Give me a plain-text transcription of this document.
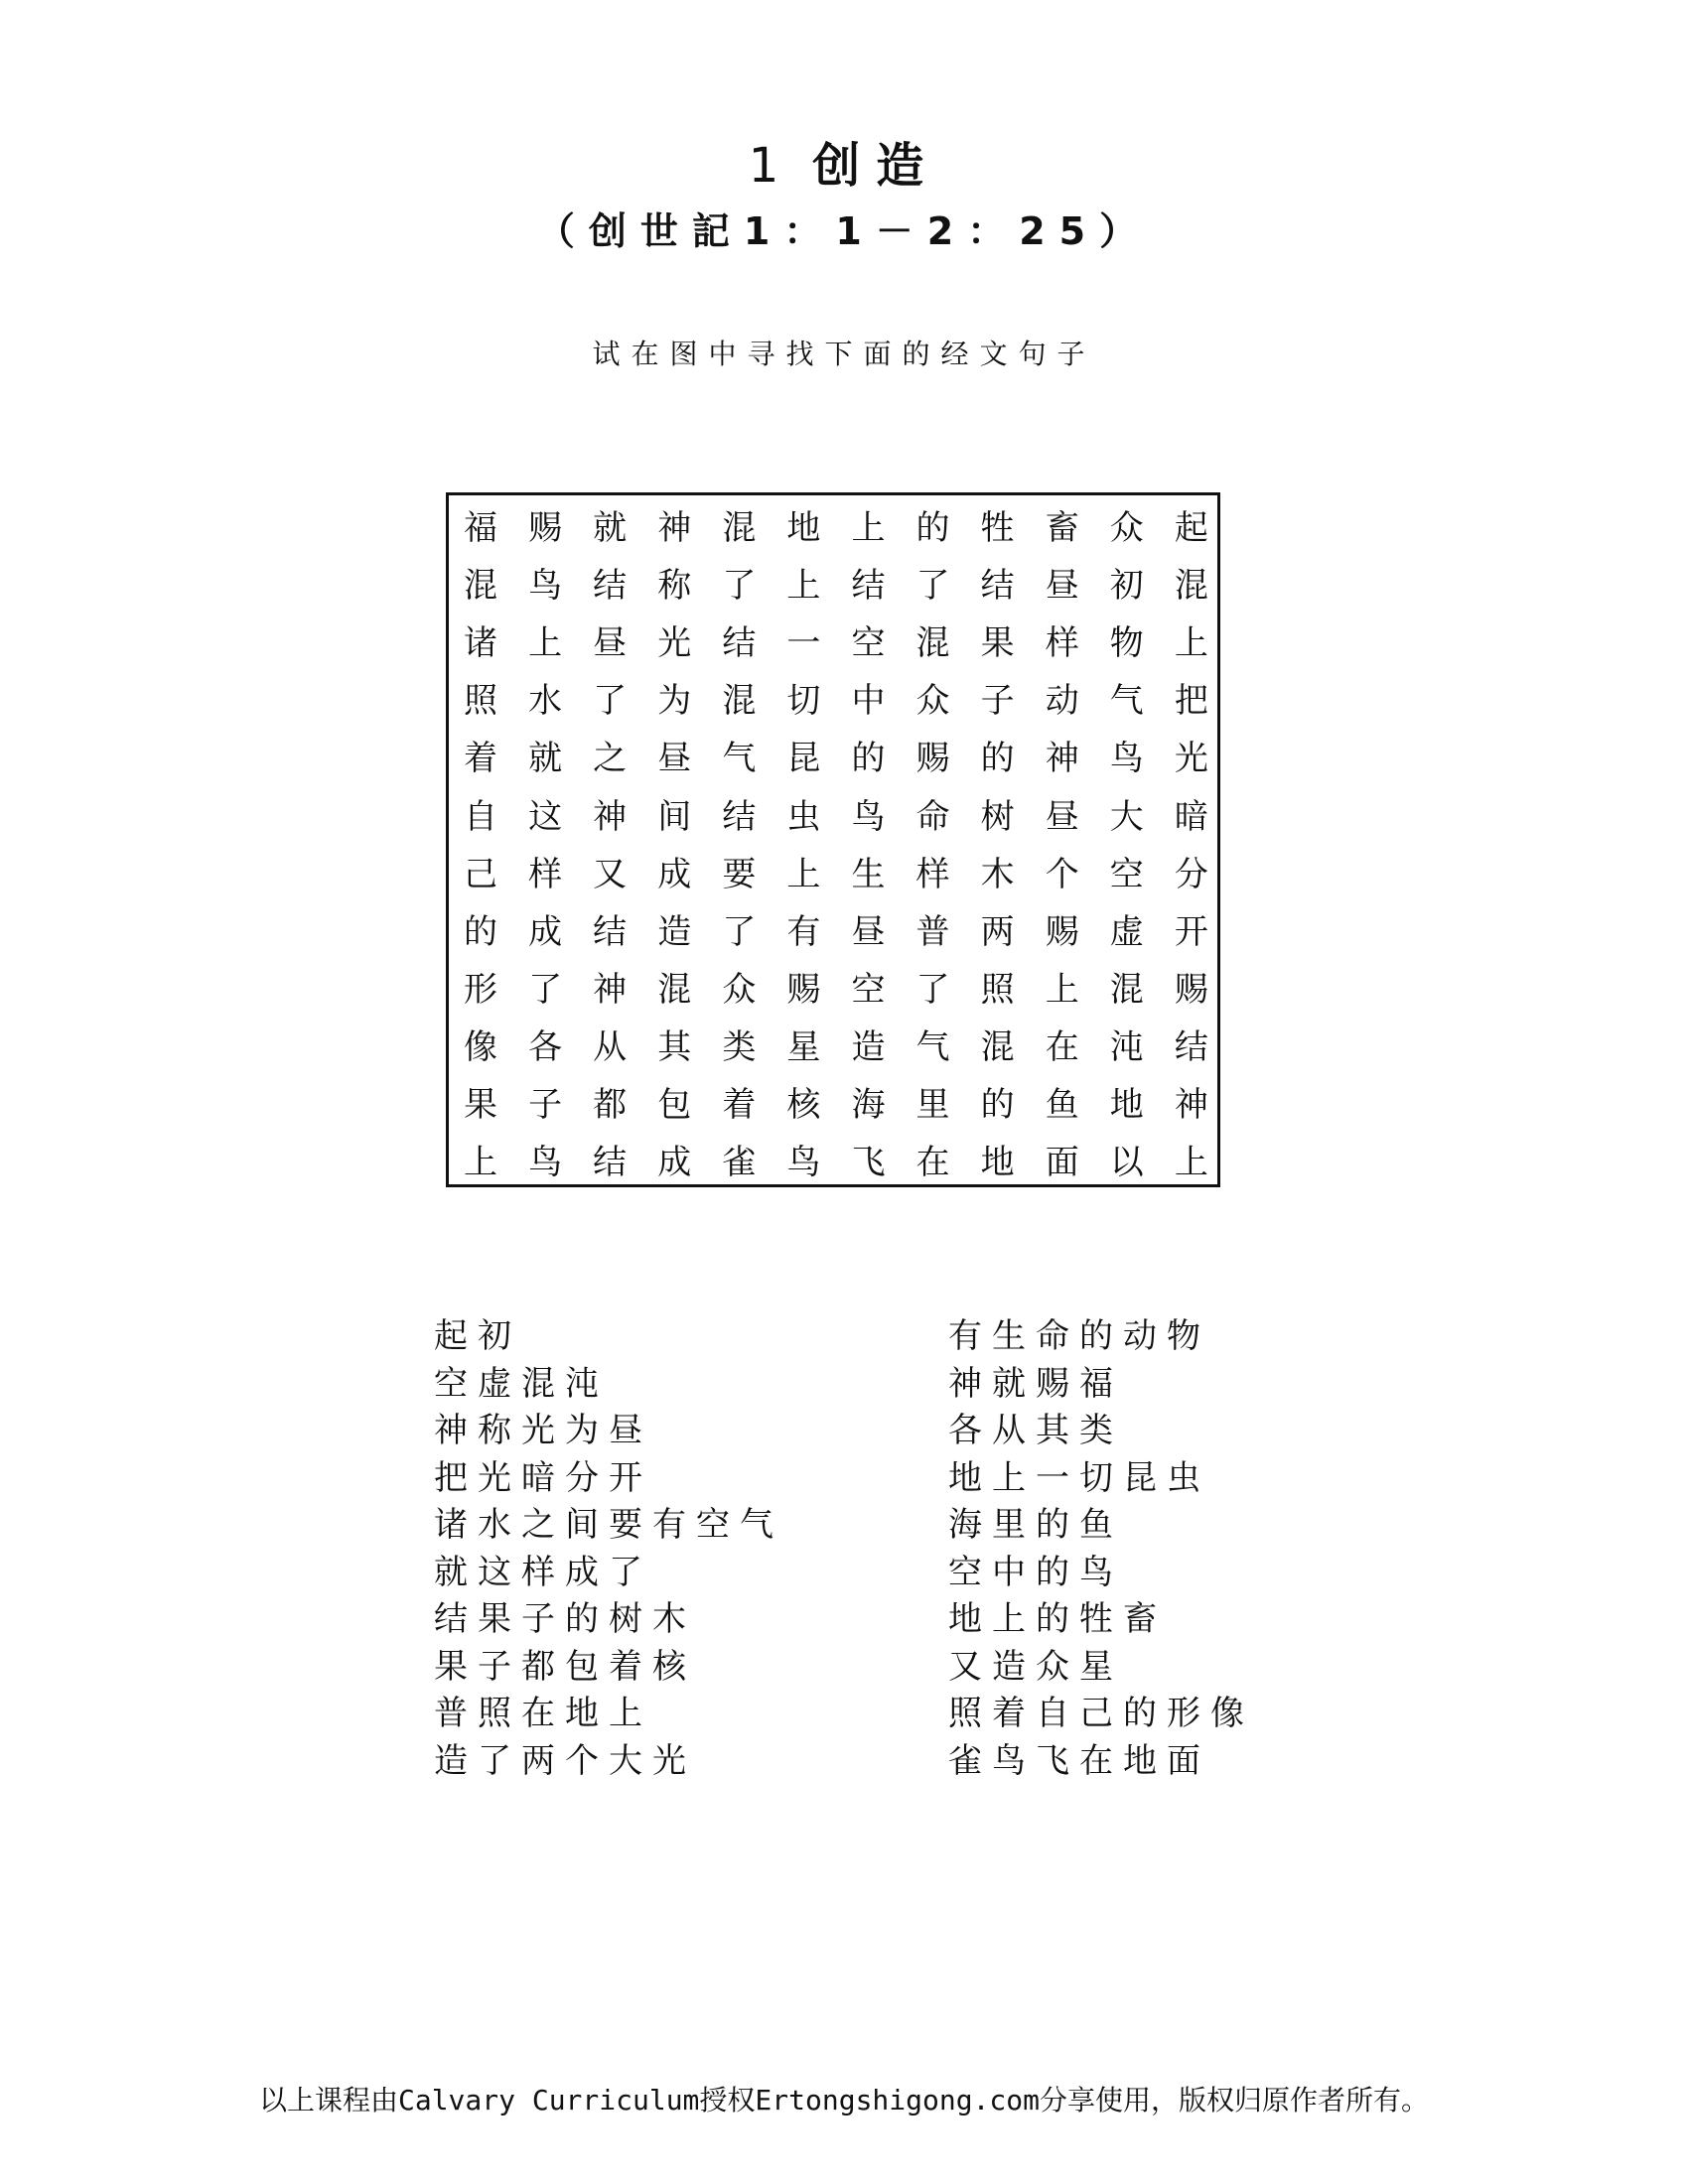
1 创造
（创世記1：1－2：25）
试在图中寻找下面的经文句子
福 赐 就 神 混 地 上 的 牲 畜 众 起
混 鸟 结 称 了 上 结 了 结 昼 初 混
诸 上 昼 光 结 一 空 混 果 样 物 上
照 水 了 为 混 切 中 众 子 动 气 把
着 就 之 昼 气 昆 的 赐 的 神 鸟 光
自 这 神 间 结 虫 鸟 命 树 昼 大 暗
己 样 又 成 要 上 生 样 木 个 空 分
的 成 结 造 了 有 昼 普 两 赐 虚 开
形 了 神 混 众 赐 空 了 照 上 混 赐
像 各 从 其 类 星 造 气 混 在 沌 结
果 子 都 包 着 核 海 里 的 鱼 地 神
上 鸟 结 成 雀 鸟 飞 在 地 面 以 上
起初
空虚混沌
神称光为昼
把光暗分开
诸水之间要有空气
就这样成了
结果子的树木
果子都包着核
普照在地上
造了两个大光
有生命的动物
神就赐福
各从其类
地上一切昆虫
海里的鱼
空中的鸟
地上的牲畜
又造众星
照着自己的形像
雀鸟飞在地面
以上课程由Calvary Curriculum授权Ertongshigong.com分享使用，版权归原作者所有。
